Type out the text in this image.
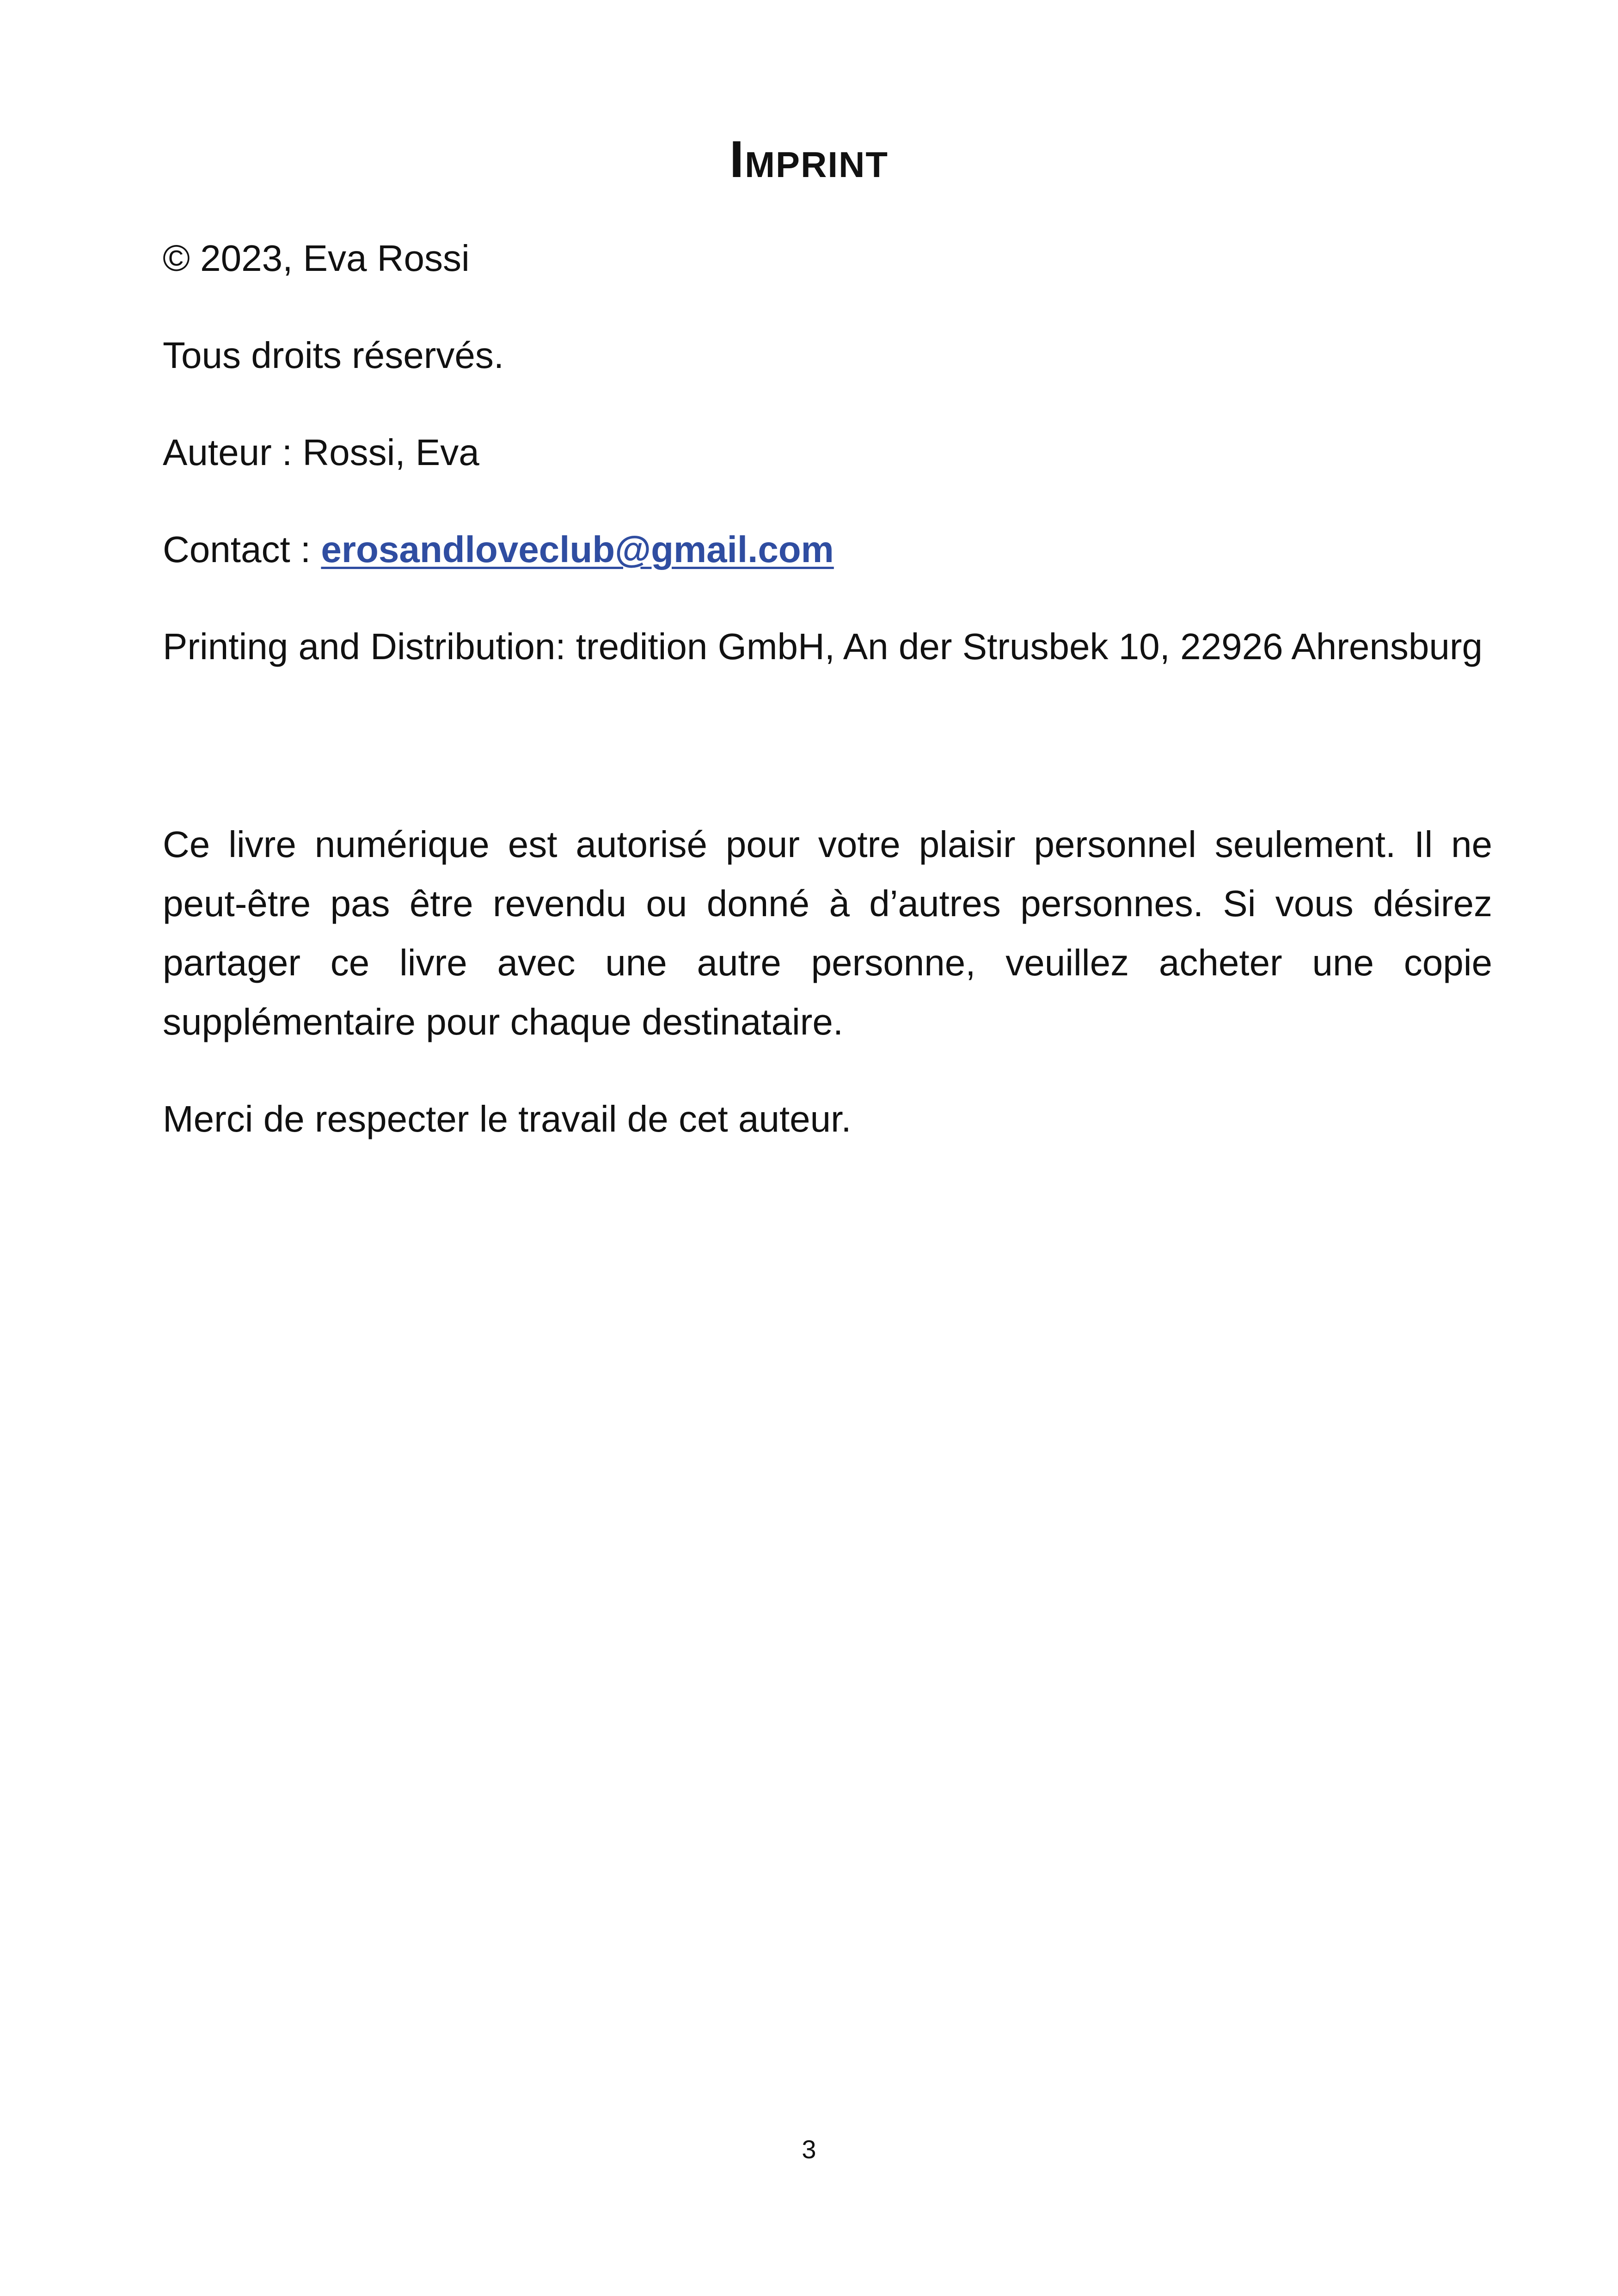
Imprint

© 2023, Eva Rossi

Tous droits réservés.

Auteur : Rossi, Eva

Contact : erosandloveclub@gmail.com

Printing and Distribution: tredition GmbH, An der Strusbek 10, 22926 Ahrensburg

Ce livre numérique est autorisé pour votre plaisir personnel seulement. Il ne peut-être pas être revendu ou donné à d’autres personnes. Si vous désirez partager ce livre avec une autre personne, veuillez acheter une copie supplémentaire pour chaque destinataire.

Merci de respecter le travail de cet auteur.

3
